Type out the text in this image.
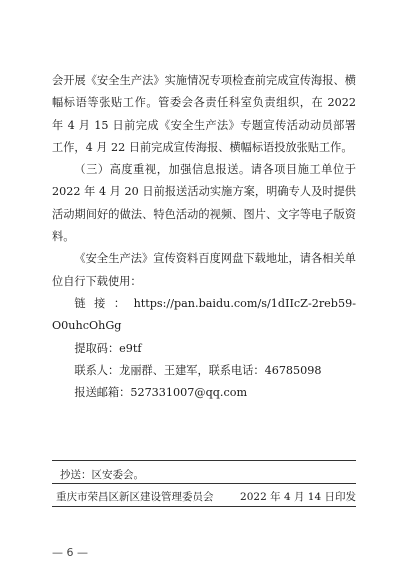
会开展《安全生产法》实施情况专项检查前完成宣传海报、横幅标语等张贴工作。管委会各责任科室负责组织，在 2022 年 4 月 15 日前完成《安全生产法》专题宣传活动动员部署工作，4 月 22 日前完成宣传海报、横幅标语投放张贴工作。

（三）高度重视，加强信息报送。请各项目施工单位于 2022 年 4 月 20 日前报送活动实施方案，明确专人及时提供活动期间好的做法、特色活动的视频、图片、文字等电子版资料。

《安全生产法》宣传资料百度网盘下载地址，请各相关单位自行下载使用：

链接：https://pan.baidu.com/s/1dIIcZ-2reb59-O0uhcOhGg

提取码：e9tf

联系人：龙丽群、王建军，联系电话：46785098

报送邮箱：527331007@qq.com

抄送：区安委会。
重庆市荣昌区新区建设管理委员会	2022 年 4 月 14 日印发
— 6 —
